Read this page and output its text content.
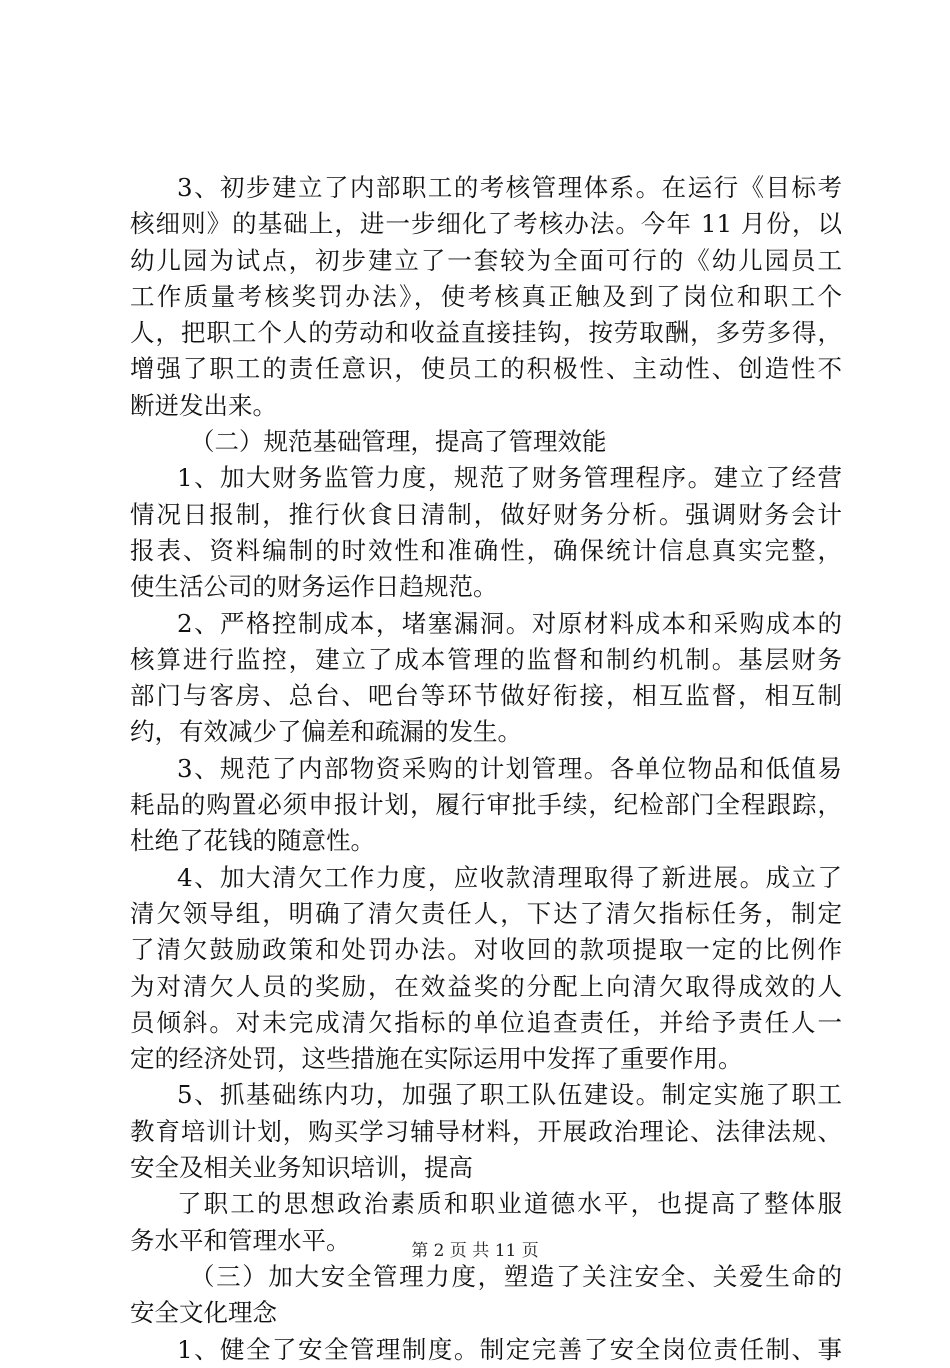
3、初步建立了内部职工的考核管理体系。在运行《目标考
核细则》的基础上，进一步细化了考核办法。今年 11 月份，以
幼儿园为试点，初步建立了一套较为全面可行的《幼儿园员工
工作质量考核奖罚办法》，使考核真正触及到了岗位和职工个
人，把职工个人的劳动和收益直接挂钩，按劳取酬，多劳多得，
增强了职工的责任意识，使员工的积极性、主动性、创造性不
断迸发出来。
（二）规范基础管理，提高了管理效能
1、加大财务监管力度，规范了财务管理程序。建立了经营
情况日报制，推行伙食日清制，做好财务分析。强调财务会计
报表、资料编制的时效性和准确性，确保统计信息真实完整，
使生活公司的财务运作日趋规范。
2、严格控制成本，堵塞漏洞。对原材料成本和采购成本的
核算进行监控，建立了成本管理的监督和制约机制。基层财务
部门与客房、总台、吧台等环节做好衔接，相互监督，相互制
约，有效减少了偏差和疏漏的发生。
3、规范了内部物资采购的计划管理。各单位物品和低值易
耗品的购置必须申报计划，履行审批手续，纪检部门全程跟踪，
杜绝了花钱的随意性。
4、加大清欠工作力度，应收款清理取得了新进展。成立了
清欠领导组，明确了清欠责任人，下达了清欠指标任务，制定
了清欠鼓励政策和处罚办法。对收回的款项提取一定的比例作
为对清欠人员的奖励，在效益奖的分配上向清欠取得成效的人
员倾斜。对未完成清欠指标的单位追查责任，并给予责任人一
定的经济处罚，这些措施在实际运用中发挥了重要作用。
5、抓基础练内功，加强了职工队伍建设。制定实施了职工
教育培训计划，购买学习辅导材料，开展政治理论、法律法规、
安全及相关业务知识培训，提高
了职工的思想政治素质和职业道德水平，也提高了整体服
务水平和管理水平。
（三）加大安全管理力度，塑造了关注安全、关爱生命的
安全文化理念
1、健全了安全管理制度。制定完善了安全岗位责任制、事
第 2 页 共 11 页
